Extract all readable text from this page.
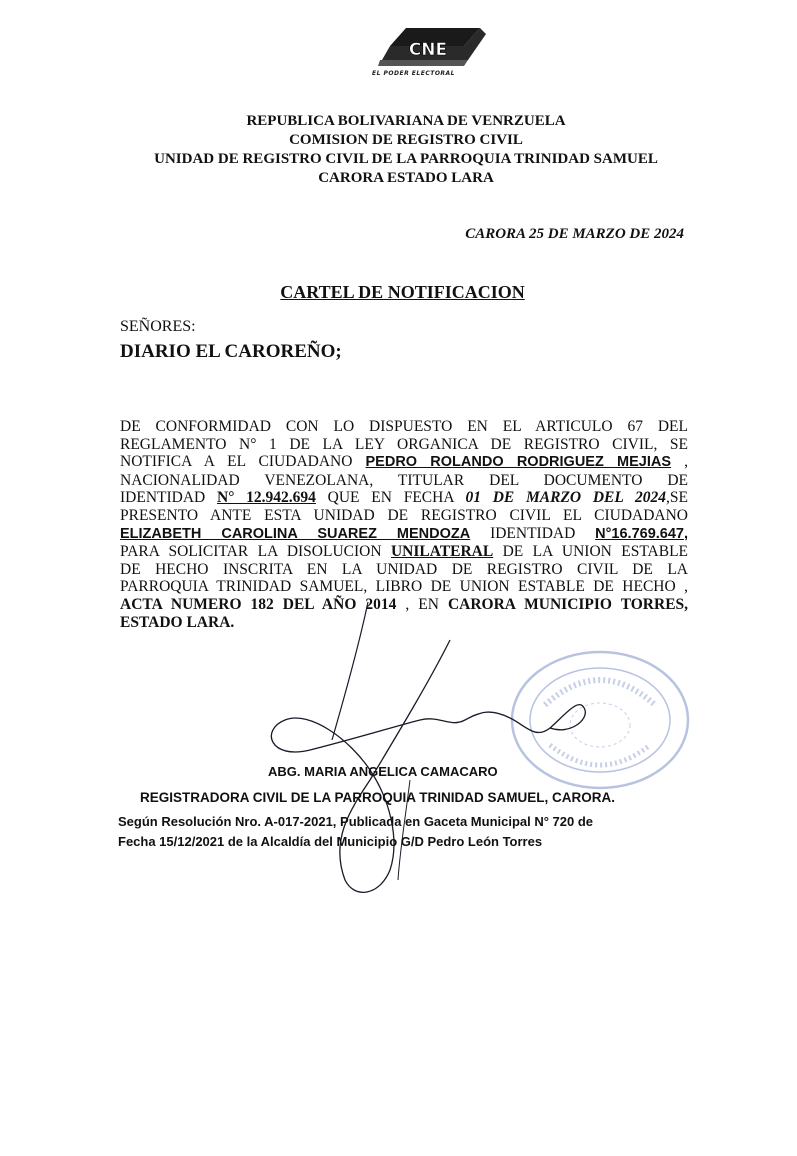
CNE
EL PODER ELECTORAL
REPUBLICA BOLIVARIANA DE VENRZUELA
COMISION DE REGISTRO CIVIL
UNIDAD DE REGISTRO CIVIL DE LA PARROQUIA TRINIDAD SAMUEL
CARORA ESTADO LARA
CARORA 25 DE MARZO DE 2024
CARTEL DE NOTIFICACION
SEÑORES:
DIARIO EL CAROREÑO;
DE CONFORMIDAD CON LO DISPUESTO EN EL ARTICULO 67 DEL
REGLAMENTO N° 1 DE LA LEY ORGANICA DE REGISTRO CIVIL, SE
NOTIFICA A EL CIUDADANO PEDRO ROLANDO RODRIGUEZ MEJIAS ,
NACIONALIDAD VENEZOLANA, TITULAR DEL DOCUMENTO DE
IDENTIDAD N° 12.942.694 QUE EN FECHA 01 DE MARZO DEL 2024,SE
PRESENTO ANTE ESTA UNIDAD DE REGISTRO CIVIL EL CIUDADANO
ELIZABETH CAROLINA SUAREZ MENDOZA IDENTIDAD N°16.769.647,
PARA SOLICITAR LA DISOLUCION UNILATERAL DE LA UNION ESTABLE
DE HECHO INSCRITA EN LA UNIDAD DE REGISTRO CIVIL DE LA
PARROQUIA TRINIDAD SAMUEL, LIBRO DE UNION ESTABLE DE HECHO ,
ACTA NUMERO 182 DEL AÑO 2014 , EN CARORA MUNICIPIO TORRES,
ESTADO LARA.
ABG. MARIA ANGELICA CAMACARO
REGISTRADORA CIVIL DE LA PARROQUIA TRINIDAD SAMUEL, CARORA.
Según Resolución Nro. A-017-2021, Publicada en Gaceta Municipal N° 720 de
Fecha 15/12/2021 de la Alcaldía del Municipio G/D Pedro León Torres
